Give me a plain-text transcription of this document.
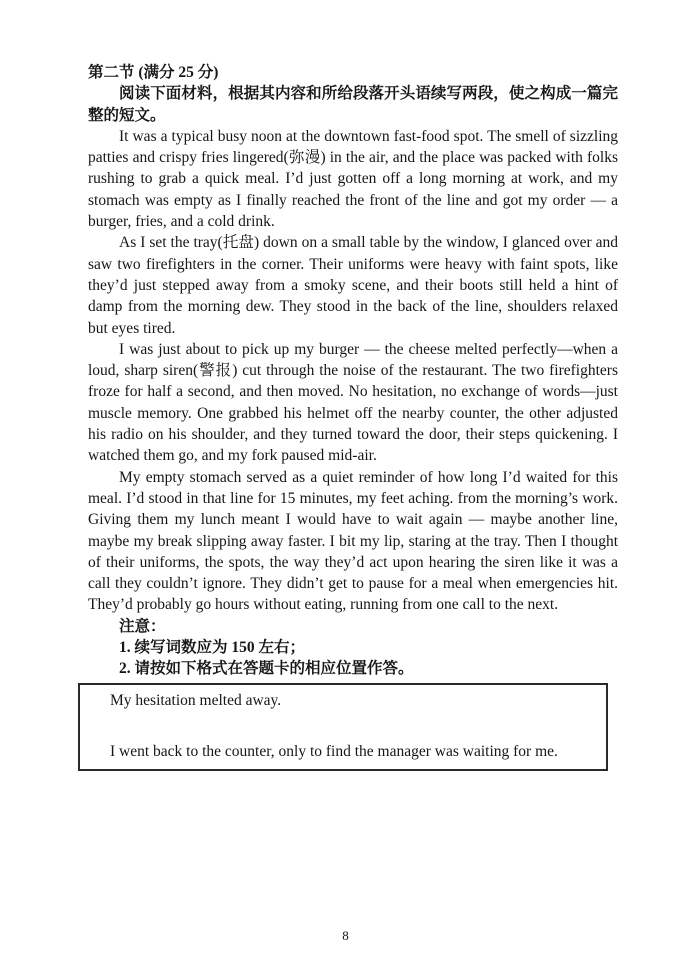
第二节 (满分 25 分)

阅读下面材料，根据其内容和所给段落开头语续写两段，使之构成一篇完整的短文。

It was a typical busy noon at the downtown fast-food spot. The smell of sizzling patties and crispy fries lingered(弥漫) in the air, and the place was packed with folks rushing to grab a quick meal. I’d just gotten off a long morning at work, and my stomach was empty as I finally reached the front of the line and got my order — a burger, fries, and a cold drink.

As I set the tray(托盘) down on a small table by the window, I glanced over and saw two firefighters in the corner. Their uniforms were heavy with faint spots, like they’d just stepped away from a smoky scene, and their boots still held a hint of damp from the morning dew. They stood in the back of the line, shoulders relaxed but eyes tired.

I was just about to pick up my burger — the cheese melted perfectly—when a loud, sharp siren(警报) cut through the noise of the restaurant. The two firefighters froze for half a second, and then moved. No hesitation, no exchange of words—just muscle memory. One grabbed his helmet off the nearby counter, the other adjusted his radio on his shoulder, and they turned toward the door, their steps quickening. I watched them go, and my fork paused mid-air.

My empty stomach served as a quiet reminder of how long I’d waited for this meal. I’d stood in that line for 15 minutes, my feet aching. from the morning’s work. Giving them my lunch meant I would have to wait again — maybe another line, maybe my break slipping away faster. I bit my lip, staring at the tray. Then I thought of their uniforms, the spots, the way they’d act upon hearing the siren like it was a call they couldn’t ignore. They didn’t get to pause for a meal when emergencies hit. They’d probably go hours without eating, running from one call to the next.

注意：

1. 续写词数应为 150 左右；

2. 请按如下格式在答题卡的相应位置作答。

My hesitation melted away.

I went back to the counter, only to find the manager was waiting for me.

8
